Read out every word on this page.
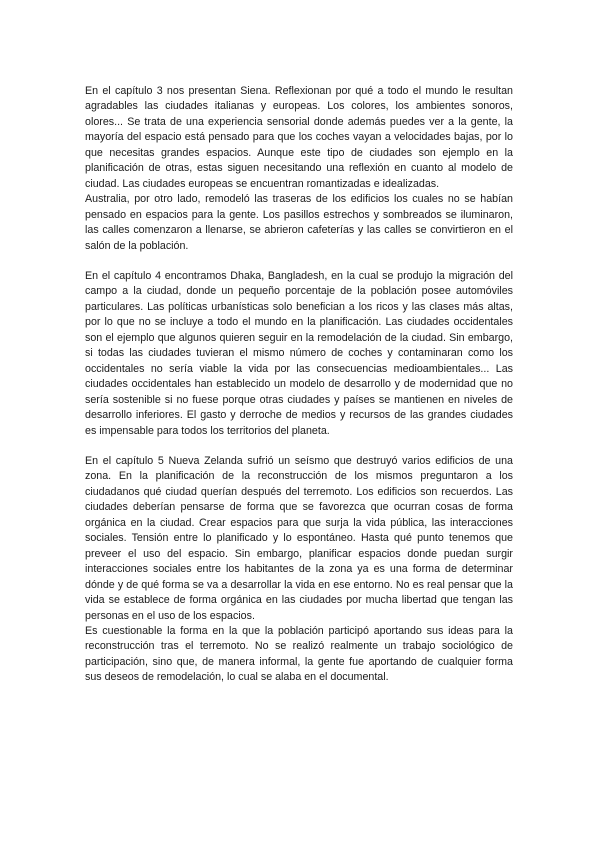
En el capítulo 3 nos presentan Siena. Reflexionan por qué a todo el mundo le resultan agradables las ciudades italianas y europeas. Los colores, los ambientes sonoros, olores... Se trata de una experiencia sensorial donde además puedes ver a la gente, la mayoría del espacio está pensado para que los coches vayan a velocidades bajas, por lo que necesitas grandes espacios. Aunque este tipo de ciudades son ejemplo en la planificación de otras, estas siguen necesitando una reflexión en cuanto al modelo de ciudad. Las ciudades europeas se encuentran romantizadas e idealizadas.

Australia, por otro lado, remodeló las traseras de los edificios los cuales no se habían pensado en espacios para la gente. Los pasillos estrechos y sombreados se iluminaron, las calles comenzaron a llenarse, se abrieron cafeterías y las calles se convirtieron en el salón de la población.

En el capítulo 4 encontramos Dhaka, Bangladesh, en la cual se produjo la migración del campo a la ciudad, donde un pequeño porcentaje de la población posee automóviles particulares. Las políticas urbanísticas solo benefician a los ricos y las clases más altas, por lo que no se incluye a todo el mundo en la planificación. Las ciudades occidentales son el ejemplo que algunos quieren seguir en la remodelación de la ciudad. Sin embargo, si todas las ciudades tuvieran el mismo número de coches y contaminaran como los occidentales no sería viable la vida por las consecuencias medioambientales... Las ciudades occidentales han establecido un modelo de desarrollo y de modernidad que no sería sostenible si no fuese porque otras ciudades y países se mantienen en niveles de desarrollo inferiores. El gasto y derroche de medios y recursos de las grandes ciudades es impensable para todos los territorios del planeta.

En el capítulo 5 Nueva Zelanda sufrió un seísmo que destruyó varios edificios de una zona. En la planificación de la reconstrucción de los mismos preguntaron a los ciudadanos qué ciudad querían después del terremoto. Los edificios son recuerdos. Las ciudades deberían pensarse de forma que se favorezca que ocurran cosas de forma orgánica en la ciudad. Crear espacios para que surja la vida pública, las interacciones sociales. Tensión entre lo planificado y lo espontáneo. Hasta qué punto tenemos que preveer el uso del espacio. Sin embargo, planificar espacios donde puedan surgir interacciones sociales entre los habitantes de la zona ya es una forma de determinar dónde y de qué forma se va a desarrollar la vida en ese entorno. No es real pensar que la vida se establece de forma orgánica en las ciudades por mucha libertad que tengan las personas en el uso de los espacios.

Es cuestionable la forma en la que la población participó aportando sus ideas para la reconstrucción tras el terremoto. No se realizó realmente un trabajo sociológico de participación, sino que, de manera informal, la gente fue aportando de cualquier forma sus deseos de remodelación, lo cual se alaba en el documental.
